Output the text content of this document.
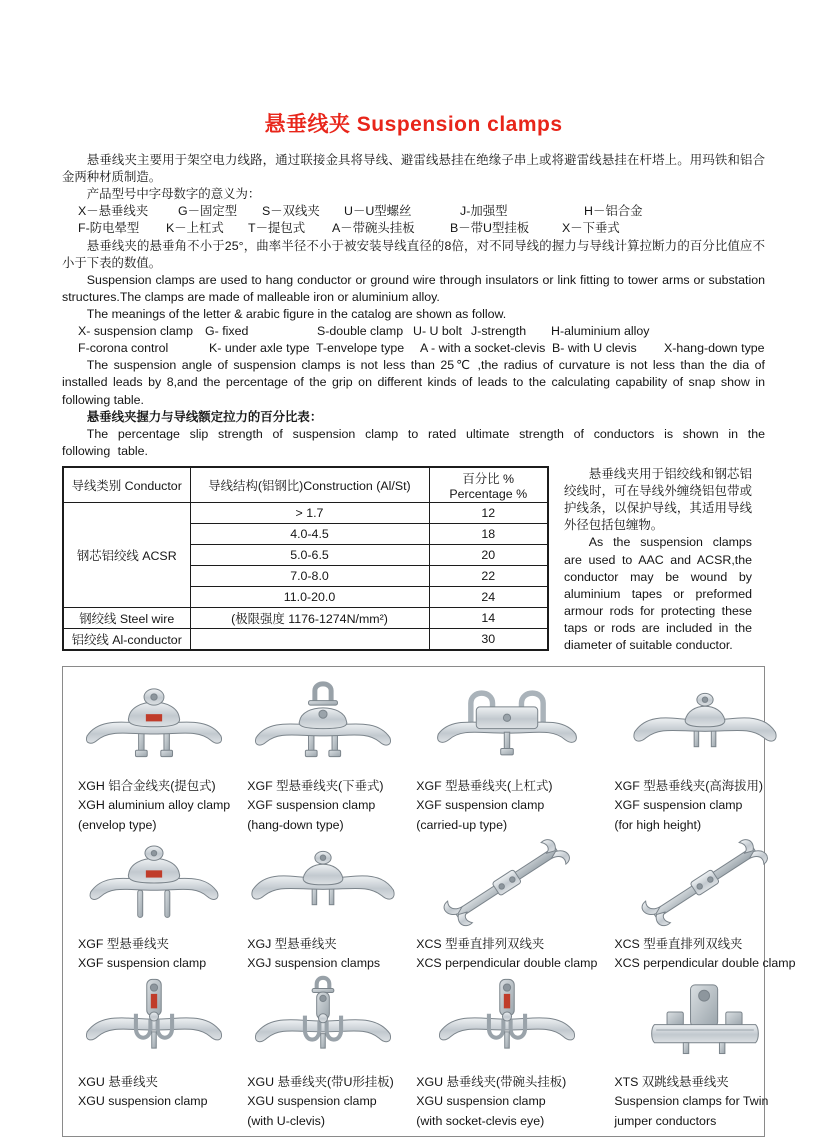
悬垂线夹 Suspension clamps

悬垂线夹主要用于架空电力线路，通过联接金具将导线、避雷线悬挂在绝缘子串上或将避雷线悬挂在杆塔上。用玛铁和铝合金两种材质制造。

产品型号中字母数字的意义为：

X－悬垂线夹	G－固定型	S－双线夹	U－U型螺丝	J-加强型	H－铝合金
F-防电晕型	K－上杠式	T－提包式	A－带碗头挂板	B－带U型挂板	X－下垂式

悬垂线夹的悬垂角不小于25°，曲率半径不小于被安装导线直径的8倍，对不同导线的握力与导线计算拉断力的百分比值应不小于下表的数值。

Suspension clamps are used to hang conductor or ground wire through insulators or link fitting to tower arms or substation structures.The clamps are made of malleable iron or aluminium alloy.

The meanings of the letter & arabic figure in the catalog are shown as follow.

X- suspension clamp G- fixed	S-double clamp U- U bolt J-strength	H-aluminium alloy
F-corona control	K- under axle type T-envelope type	A - with a socket-clevis B- with U clevis	X-hang-down type

The suspension angle of suspension clamps is not less than 25℃ ,the radius of curvature is not less than the dia of installed leads by 8,and the percentage of the grip on different kinds of leads to the calculating capability of snap show in following table.

悬垂线夹握力与导线额定拉力的百分比表：

The percentage slip strength of suspension clamp to rated ultimate strength of conductors is shown in the following table.

导线类别 Conductor	导线结构(铝钢比)Construction (Al/St)	百分比 % Percentage %
钢芯铝绞线 ACSR	> 1.7	12
	4.0-4.5	18
	5.0-6.5	20
	7.0-8.0	22
	11.0-20.0	24
钢绞线 Steel wire	(极限强度 1176-1274N/mm²)	14
铝绞线 Al-conductor		30

悬垂线夹用于铝绞线和钢芯铝绞线时，可在导线外缠绕铝包带或护线条，以保护导线，其适用导线外径包括包缠物。

As the suspension clamps are used to AAC and ACSR,the conductor may be wound by aluminium tapes or preformed armour rods for protecting these taps or rods are included in the diameter of suitable conductor.

XGH 铝合金线夹(提包式)
XGH aluminium alloy clamp
(envelop type)
XGF 型悬垂线夹(下垂式)
XGF suspension clamp
(hang-down type)
XGF 型悬垂线夹(上杠式)
XGF suspension clamp
(carried-up type)
XGF 型悬垂线夹(高海拔用)
XGF suspension clamp
(for high height)
XGF 型悬垂线夹
XGF suspension clamp
XGJ 型悬垂线夹
XGJ suspension clamps
XCS 型垂直排列双线夹
XCS perpendicular double clamp
XCS 型垂直排列双线夹
XCS perpendicular double clamp
XGU 悬垂线夹
XGU suspension clamp
XGU 悬垂线夹(带U形挂板)
XGU suspension clamp
(with U-clevis)
XGU 悬垂线夹(带碗头挂板)
XGU suspension clamp
(with socket-clevis eye)
XTS 双跳线悬垂线夹
Suspension clamps for Twin
jumper conductors
